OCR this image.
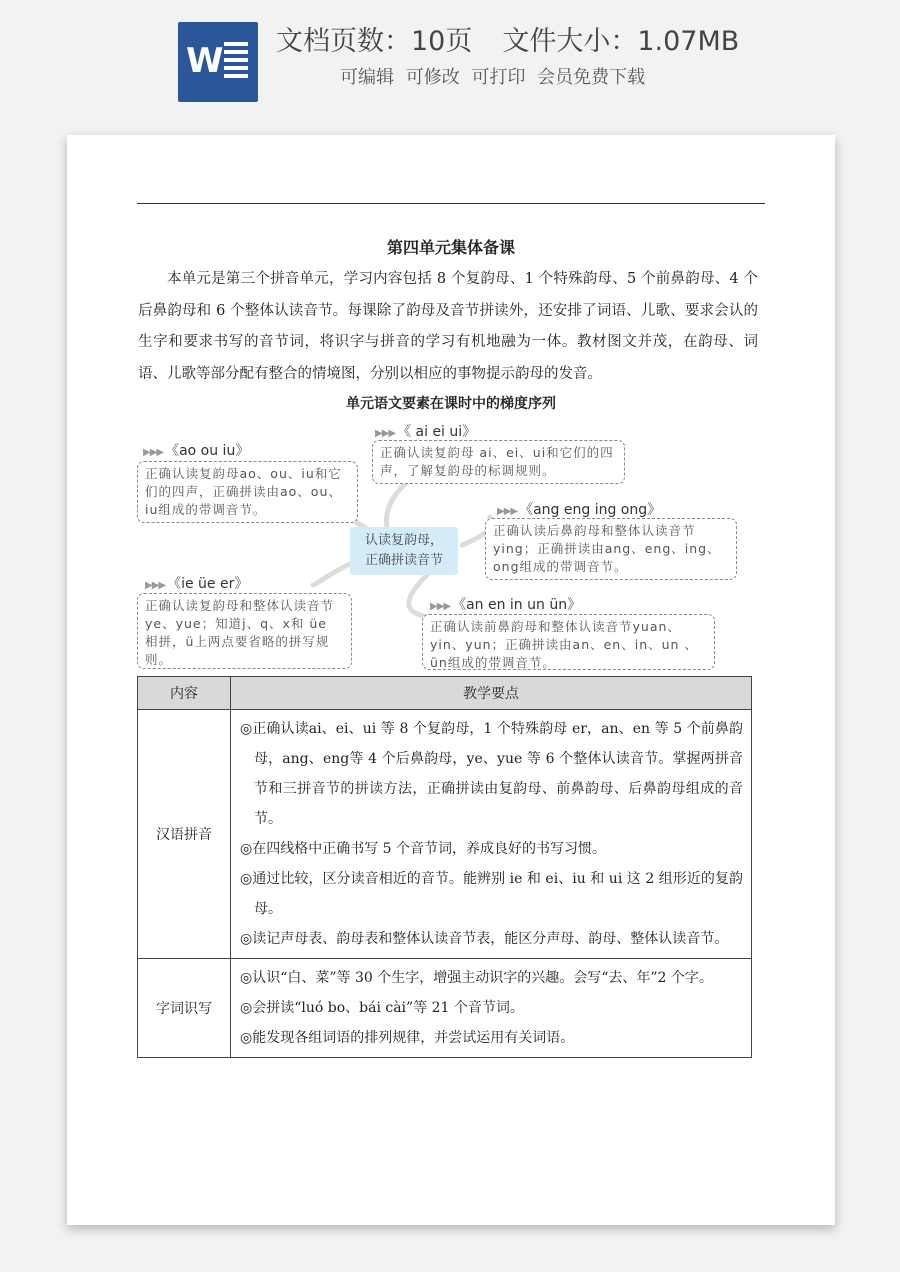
W 文档页数：10页 文件大小：1.07MB
可编辑 可修改 可打印 会员免费下载
第四单元集体备课

本单元是第三个拼音单元，学习内容包括 8 个复韵母、1 个特殊韵母、5 个前鼻韵母、4 个后鼻韵母和 6 个整体认读音节。每课除了韵母及音节拼读外，还安排了词语、儿歌、要求会认的生字和要求书写的音节词，将识字与拼音的学习有机地融为一体。教材图文并茂，在韵母、词语、儿歌等部分配有整合的情境图，分别以相应的事物提示韵母的发音。

单元语文要素在课时中的梯度序列
▶▶▶ 《ao ou iu》
正确认读复韵母ao、ou、iu和它们的四声，正确拼读由ao、ou、iu组成的带调音节。
▶▶▶ 《 ai ei ui》
正确认读复韵母 ai、ei、ui和它们的四声，了解复韵母的标调规则。
▶▶▶ 《ang eng ing ong》
正确认读后鼻韵母和整体认读音节ying；正确拼读由ang、eng、ing、ong组成的带调音节。
认读复韵母，
正确拼读音节
▶▶▶ 《ie üe er》
正确认读复韵母和整体认读音节ye、yue；知道j、q、x和 üe 相拼，ü上两点要省略的拼写规则。
▶▶▶ 《an en in un ün》
正确认读前鼻韵母和整体认读音节yuan、yin、yun；正确拼读由an、en、in、un 、ün组成的带调音节。
内容	教学要点
汉语拼音	◎正确认读ai、ei、ui 等 8 个复韵母，1 个特殊韵母 er，an、en 等 5 个前鼻韵母，ang、eng等 4 个后鼻韵母，ye、yue 等 6 个整体认读音节。掌握两拼音节和三拼音节的拼读方法，正确拼读由复韵母、前鼻韵母、后鼻韵母组成的音节。

◎在四线格中正确书写 5 个音节词，养成良好的书写习惯。

◎通过比较，区分读音相近的音节。能辨别 ie 和 ei、iu 和 ui 这 2 组形近的复韵母。

◎读记声母表、韵母表和整体认读音节表，能区分声母、韵母、整体认读音节。

字词识写	◎认识“白、菜”等 30 个生字，增强主动识字的兴趣。会写“去、年”2 个字。

◎会拼读“luó bo、bái cài”等 21 个音节词。

◎能发现各组词语的排列规律，并尝试运用有关词语。
